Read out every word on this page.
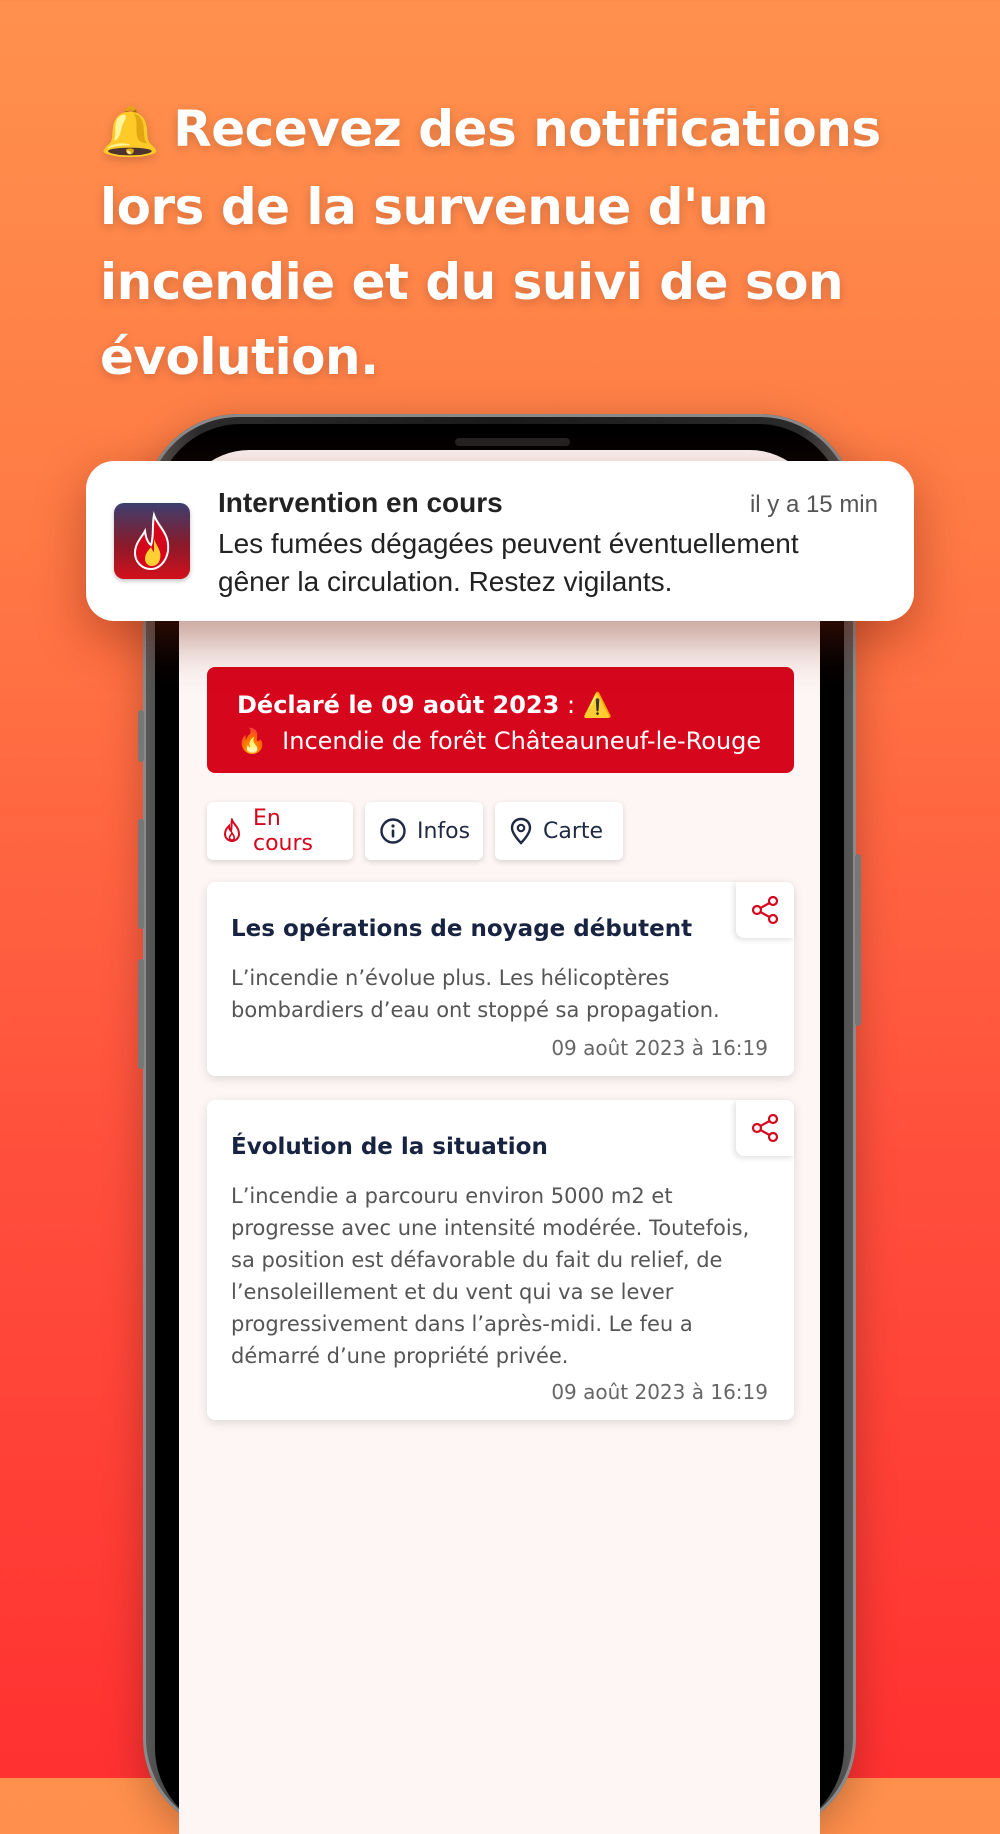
🔔 Recevez des notifications lors de la survenue d'un incendie et du suivi de son évolution.
Déclaré le 09 août 2023 : ⚠️ 🔥 Incendie de forêt Châteauneuf-le-Rouge
En cours	Infos	Carte
Les opérations de noyage débutent
L’incendie n’évolue plus. Les hélicoptères bombardiers d’eau ont stoppé sa propagation.
09 août 2023 à 16:19
Évolution de la situation
L’incendie a parcouru environ 5000 m2 et progresse avec une intensité modérée. Toutefois, sa position est défavorable du fait du relief, de l’ensoleillement et du vent qui va se lever progressivement dans l’après-midi. Le feu a démarré d’une propriété privée.
09 août 2023 à 16:19
Intervention en cours	il y a 15 min
Les fumées dégagées peuvent éventuellement gêner la circulation. Restez vigilants.
